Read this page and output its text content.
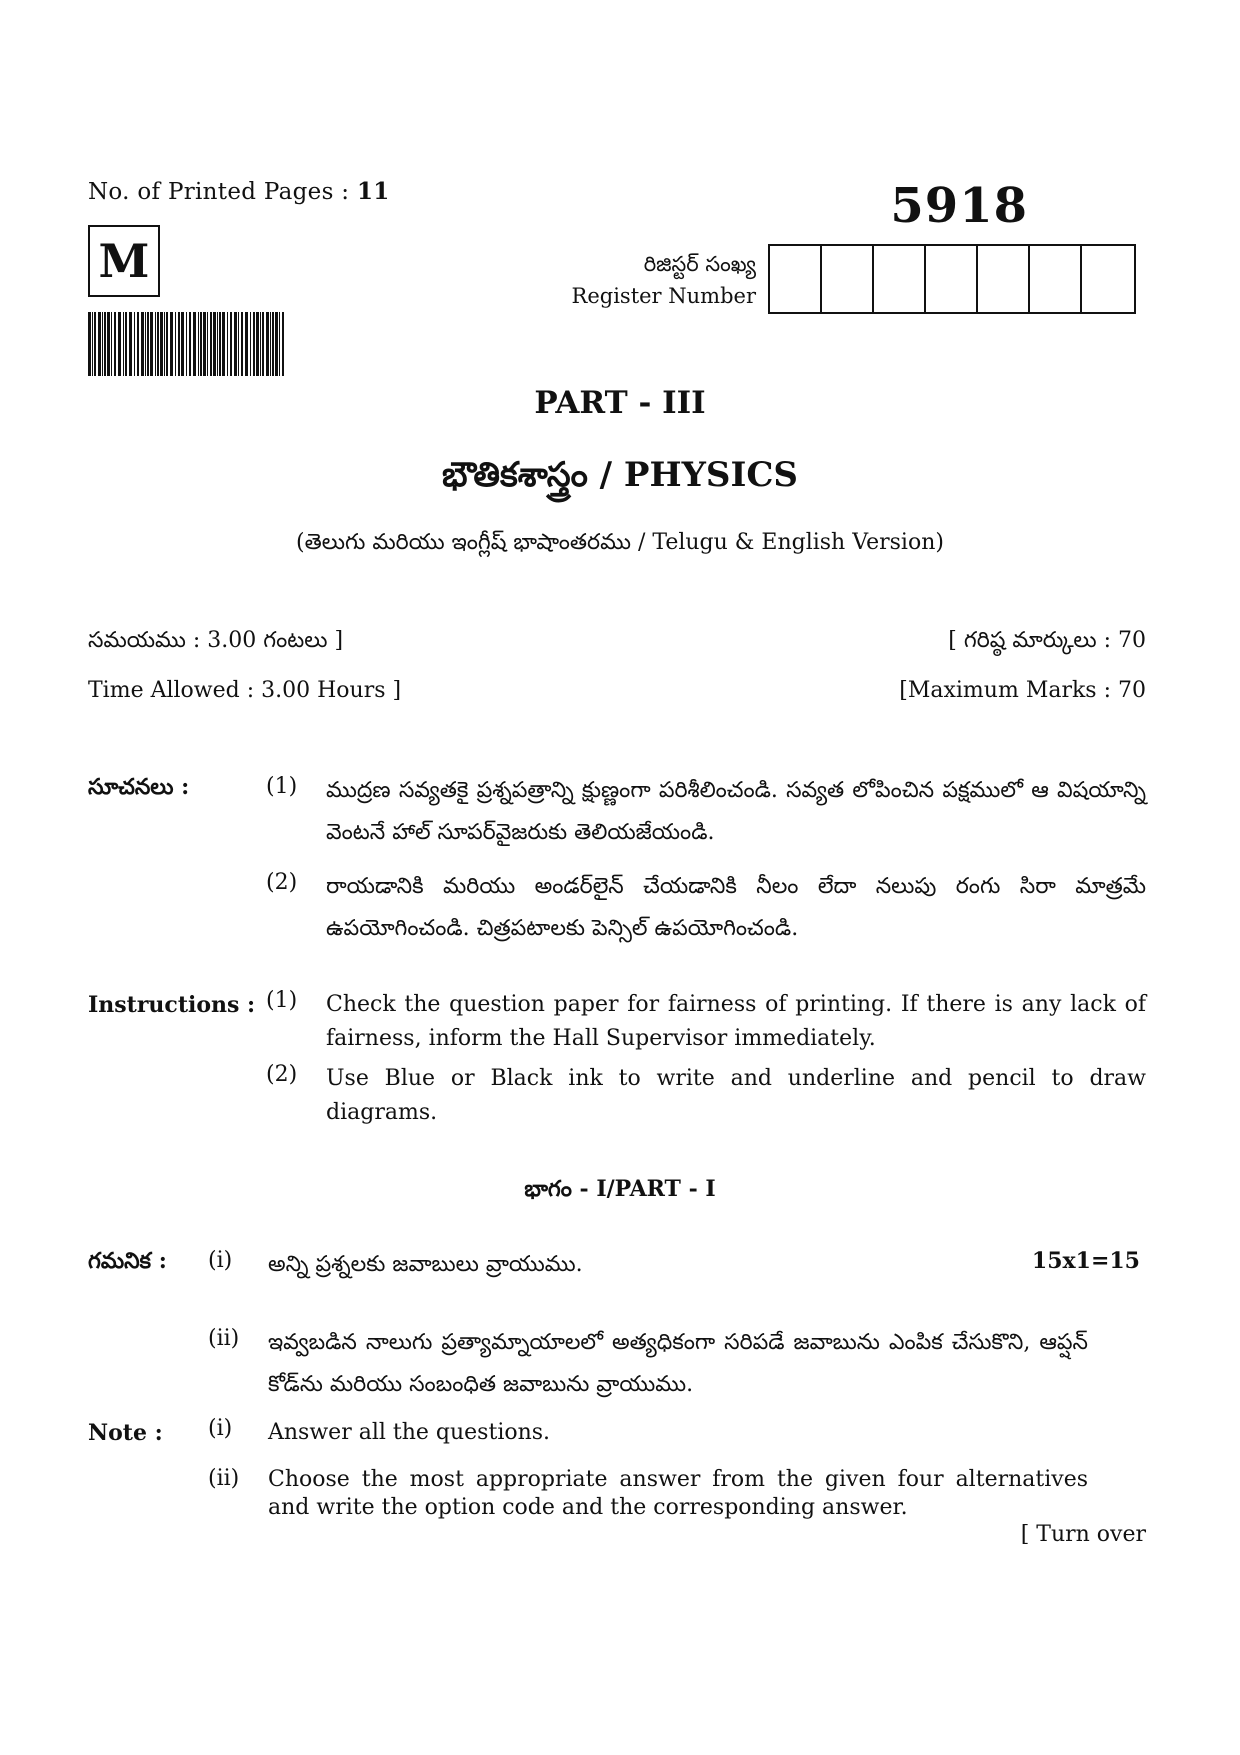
No. of Printed Pages : 11	5918
M	రిజిస్టర్ సంఖ్య
Register Number
PART - III
భౌతికశాస్త్రం / PHYSICS
(తెలుగు మరియు ఇంగ్లీష్ భాషాంతరము / Telugu & English Version)
సమయము : 3.00 గంటలు ]	[ గరిష్ఠ మార్కులు : 70
Time Allowed : 3.00 Hours ]	[Maximum Marks : 70
సూచనలు :	(1)	ముద్రణ సవ్యతకై ప్రశ్నపత్రాన్ని క్షుణ్ణంగా పరిశీలించండి. సవ్యత లోపించిన పక్షములో ఆ విషయాన్ని వెంటనే హాల్ సూపర్‌వైజరుకు తెలియజేయండి.
(2)	రాయడానికి మరియు అండర్‌లైన్ చేయడానికి నీలం లేదా నలుపు రంగు సిరా మాత్రమే ఉపయోగించండి. చిత్రపటాలకు పెన్సిల్ ఉపయోగించండి.
Instructions : (1)	Check the question paper for fairness of printing. If there is any lack of fairness, inform the Hall Supervisor immediately.
(2)	Use Blue or Black ink to write and underline and pencil to draw diagrams.
భాగం - I/PART - I
గమనిక : (i)	అన్ని ప్రశ్నలకు జవాబులు వ్రాయుము.	15x1=15
(ii)	ఇవ్వబడిన నాలుగు ప్రత్యామ్నాయాలలో అత్యధికంగా సరిపడే జవాబును ఎంపిక చేసుకొని, ఆప్షన్ కోడ్‌ను మరియు సంబంధిత జవాబును వ్రాయుము.
Note : (i)	Answer all the questions.
(ii)	Choose the most appropriate answer from the given four alternatives and write the option code and the corresponding answer.
[ Turn over
